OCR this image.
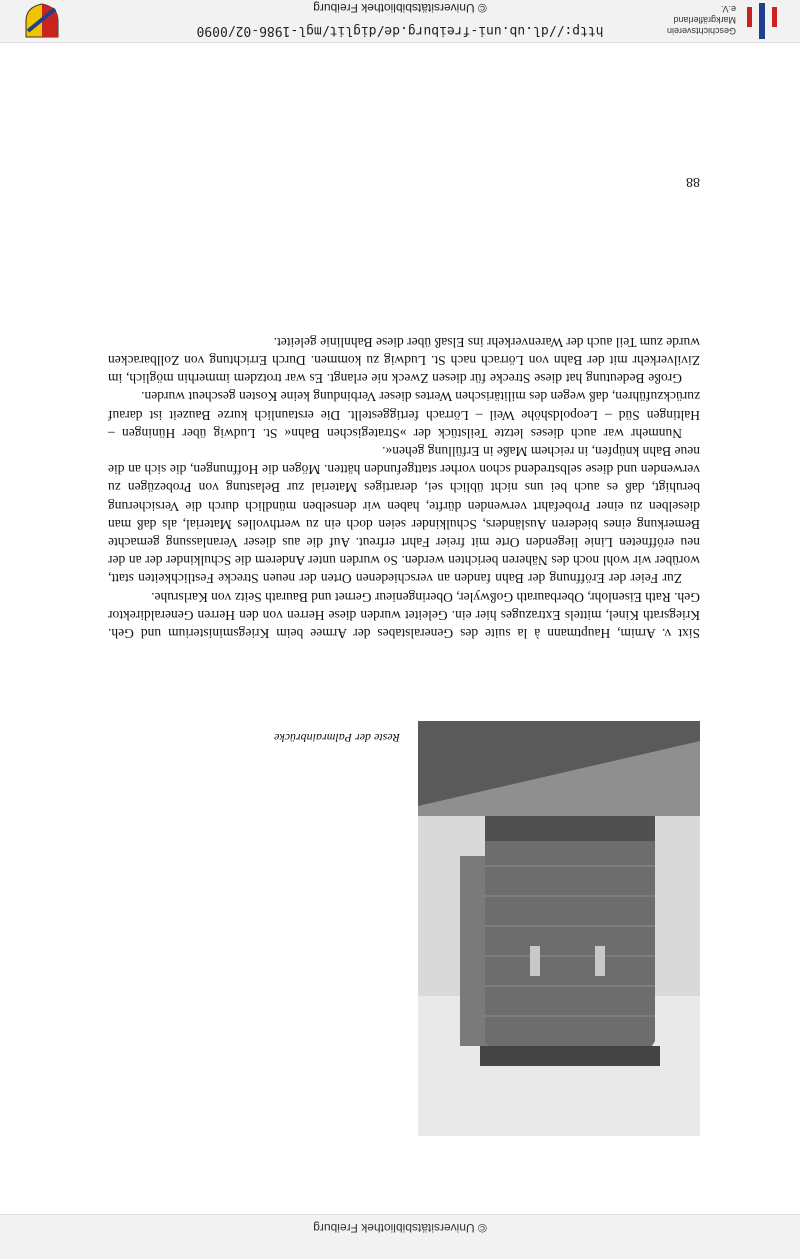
© Universitätsbibliothek Freiburg
Reste der Palmrainbrücke

Sixt v. Arnim, Hauptmann à la suite des Generalstabes der Armee beim Kriegsministerium und Geh. Kriegsrath Kinel, mittels Extrazuges hier ein. Geleitet wurden diese Herren von den Herren Generaldirektor Geh. Rath Eisenlohr, Oberbaurath Goßwyler, Oberingenieur Gernet und Baurath Seitz von Karlsruhe.

Zur Feier der Eröffnung der Bahn fanden an verschiedenen Orten der neuen Strecke Festlichkeiten statt, worüber wir wohl noch des Näheren berichten werden. So wurden unter Anderem die Schulkinder der an der neu eröffneten Linie liegenden Orte mit freier Fahrt erfreut. Auf die aus dieser Veranlassung gemachte Bemerkung eines biederen Ausländers, Schulkinder seien doch ein zu werthvolles Material, als daß man dieselben zu einer Probefahrt verwenden dürfte, haben wir denselben mündlich durch die Versicherung beruhigt, daß es auch bei uns nicht üblich sei, derartiges Material zur Belastung von Probezügen zu verwenden und diese selbstredend schon vorher stattgefunden hätten. Mögen die Hoffnungen, die sich an die neue Bahn knüpfen, in reichem Maße in Erfüllung gehen«.

Nunmehr war auch dieses letzte Teilstück der »Strategischen Bahn« St. Ludwig über Hüningen – Haltingen Süd – Leopoldshöhe Weil – Lörrach fertiggestellt. Die erstaunlich kurze Bauzeit ist darauf zurückzuführen, daß wegen des militärischen Wertes dieser Verbindung keine Kosten gescheut wurden.

Große Bedeutung hat diese Strecke für diesen Zweck nie erlangt. Es war trotzdem immerhin möglich, im Zivilverkehr mit der Bahn von Lörrach nach St. Ludwig zu kommen. Durch Errichtung von Zollbaracken wurde zum Teil auch der Warenverkehr ins Elsaß über diese Bahnlinie geleitet.

88
http://dl.ub.uni-freiburg.de/diglit/mgl-1986-02/0090
© Universitätsbibliothek Freiburg
Geschichtsverein Markgräflerland e.V.
